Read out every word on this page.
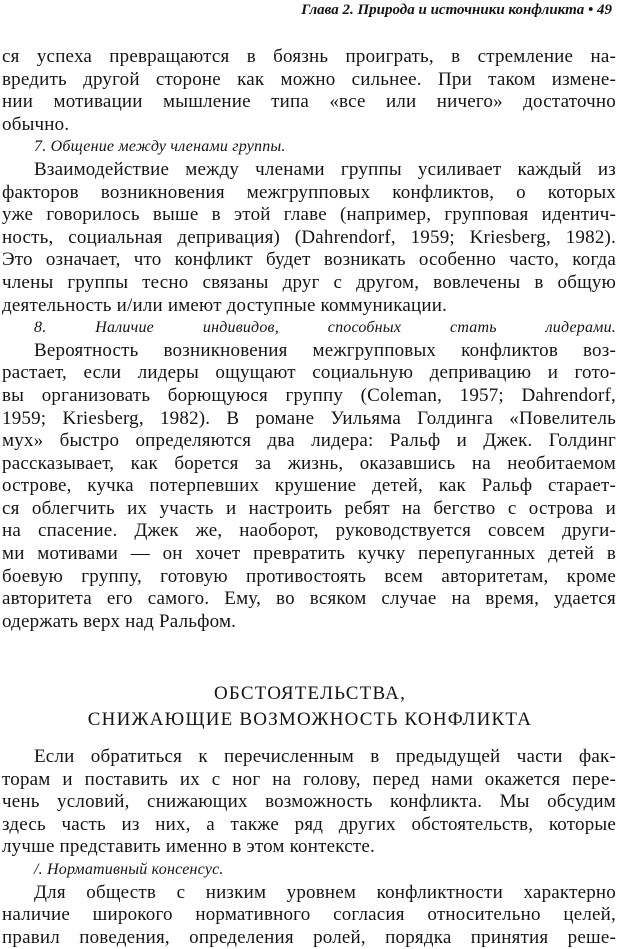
Глава 2. Природа и источники конфликта • 49
ся успеха превращаются в боязнь проиграть, в стремление на-
вредить другой стороне как можно сильнее. При таком измене-
нии мотивации мышление типа «все или ничего» достаточно
обычно.
7. Общение между членами группы.
Взаимодействие между членами группы усиливает каждый из
факторов возникновения межгрупповых конфликтов, о которых
уже говорилось выше в этой главе (например, групповая идентич-
ность, социальная депривация) (Dahrendorf, 1959; Kriesberg, 1982).
Это означает, что конфликт будет возникать особенно часто, когда
члены группы тесно связаны друг с другом, вовлечены в общую
деятельность и/или имеют доступные коммуникации.
8. Наличие индивидов, способных стать лидерами.
Вероятность возникновения межгрупповых конфликтов воз-
растает, если лидеры ощущают социальную депривацию и гото-
вы организовать борющуюся группу (Coleman, 1957; Dahrendorf,
1959; Kriesberg, 1982). В романе Уильяма Голдинга «Повелитель
мух» быстро определяются два лидера: Ральф и Джек. Голдинг
рассказывает, как борется за жизнь, оказавшись на необитаемом
острове, кучка потерпевших крушение детей, как Ральф старает-
ся облегчить их участь и настроить ребят на бегство с острова и
на спасение. Джек же, наоборот, руководствуется совсем други-
ми мотивами — он хочет превратить кучку перепуганных детей в
боевую группу, готовую противостоять всем авторитетам, кроме
авторитета его самого. Ему, во всяком случае на время, удается
одержать верх над Ральфом.
ОБСТОЯТЕЛЬСТВА,
СНИЖАЮЩИЕ ВОЗМОЖНОСТЬ КОНФЛИКТА
Если обратиться к перечисленным в предыдущей части фак-
торам и поставить их с ног на голову, перед нами окажется пере-
чень условий, снижающих возможность конфликта. Мы обсудим
здесь часть из них, а также ряд других обстоятельств, которые
лучше представить именно в этом контексте.
/. Нормативный консенсус.
Для обществ с низким уровнем конфликтности характерно
наличие широкого нормативного согласия относительно целей,
правил поведения, определения ролей, порядка принятия реше-
